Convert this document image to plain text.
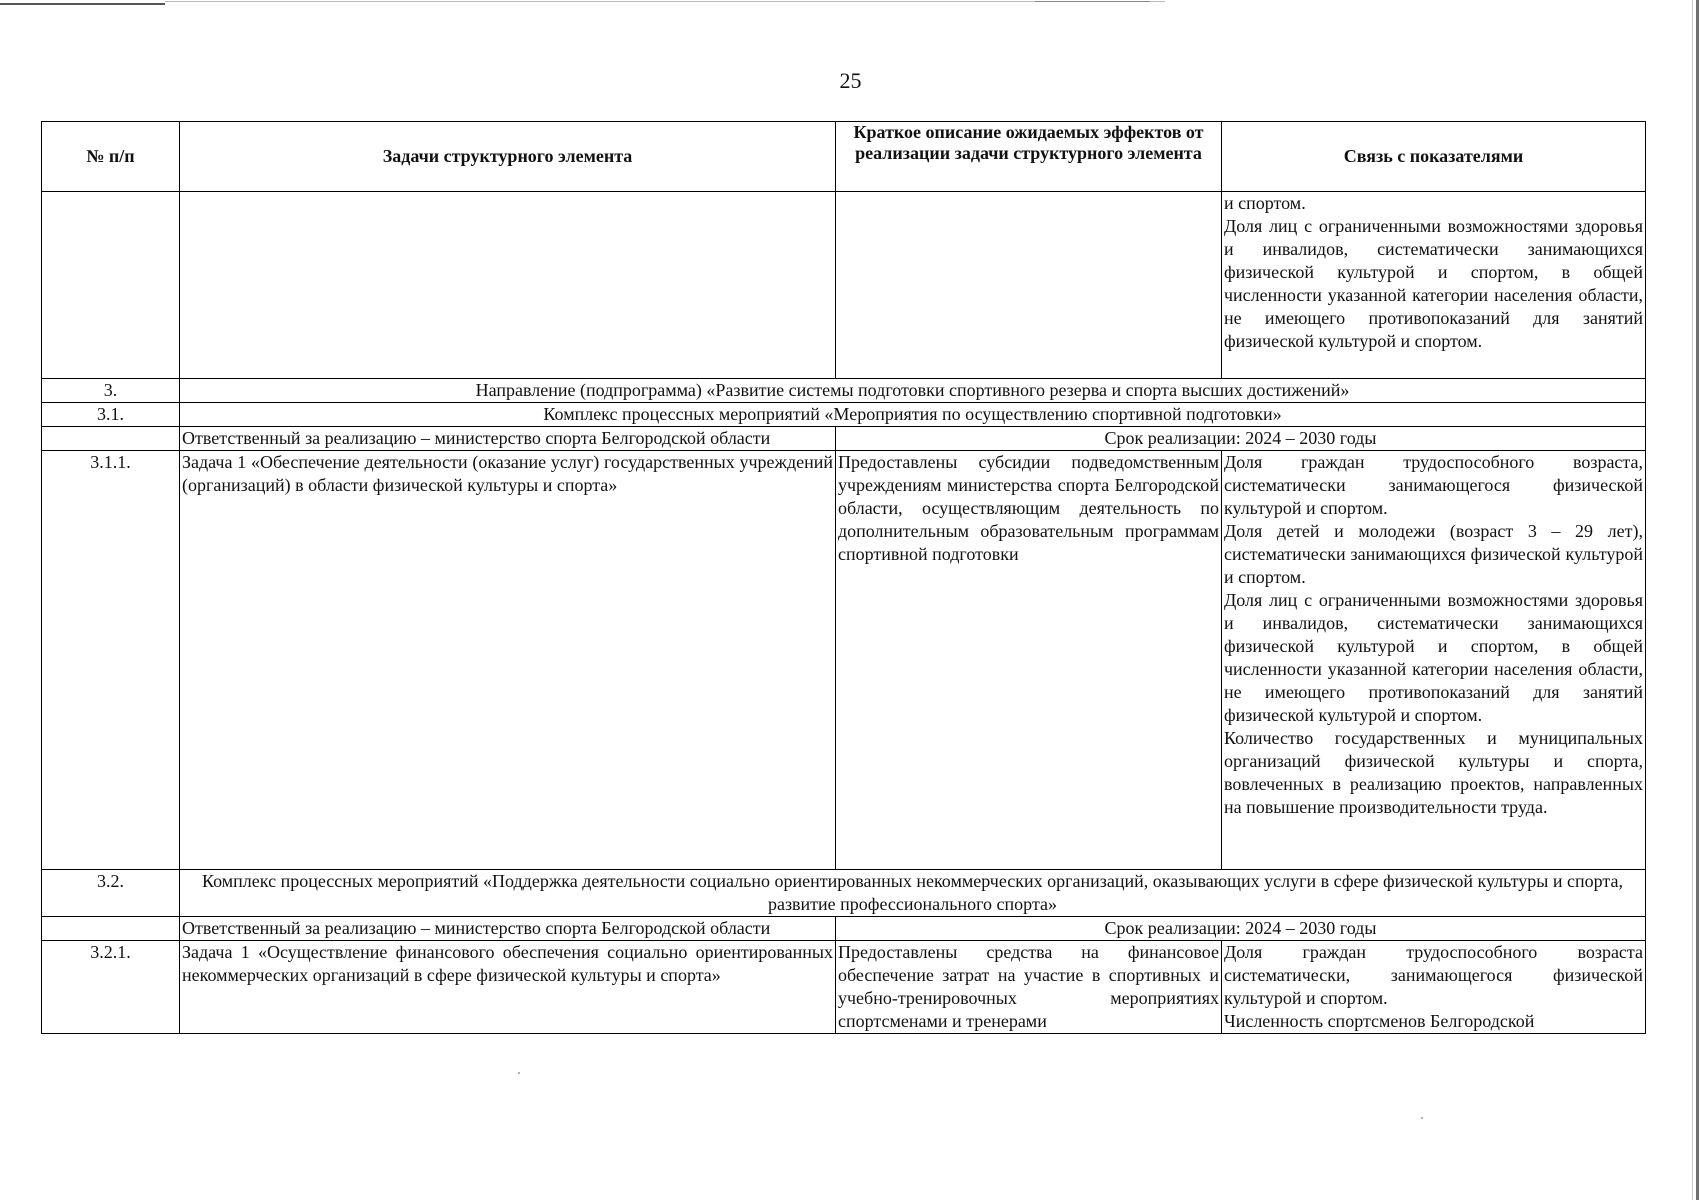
25
№ п/п	Задачи структурного элемента	Краткое описание ожидаемых эффектов от реализации задачи структурного элемента	Связь с показателями
			и спортом.
Доля лиц с ограниченными возможностями здоровья и инвалидов, систематически занимающихся физической культурой и спортом, в общей численности указанной категории населения области, не имеющего противопоказаний для занятий физической культурой и спортом.
3.	Направление (подпрограмма) «Развитие системы подготовки спортивного резерва и спорта высших достижений»		
3.1.	Комплекс процессных мероприятий «Мероприятия по осуществлению спортивной подготовки»		
	Ответственный за реализацию – министерство спорта Белгородской области	Срок реализации: 2024 – 2030 годы	
3.1.1.	Задача 1 «Обеспечение деятельности (оказание услуг) государственных учреждений (организаций) в области физической культуры и спорта»	Предоставлены субсидии подведомственным учреждениям министерства спорта Белгородской области, осуществляющим деятельность по дополнительным образовательным программам спортивной подготовки	Доля граждан трудоспособного возраста, систематически занимающегося физической культурой и спортом.
Доля детей и молодежи (возраст 3 – 29 лет), систематически занимающихся физической культурой и спортом.
Доля лиц с ограниченными возможностями здоровья и инвалидов, систематически занимающихся физической культурой и спортом, в общей численности указанной категории населения области, не имеющего противопоказаний для занятий физической культурой и спортом.
Количество государственных и муниципальных организаций физической культуры и спорта, вовлеченных в реализацию проектов, направленных на повышение производительности труда.
3.2.	Комплекс процессных мероприятий «Поддержка деятельности социально ориентированных некоммерческих организаций, оказывающих услуги в сфере физической культуры и спорта, развитие профессионального спорта»		
	Ответственный за реализацию – министерство спорта Белгородской области	Срок реализации: 2024 – 2030 годы	
3.2.1.	Задача 1 «Осуществление финансового обеспечения социально ориентированных некоммерческих организаций в сфере физической культуры и спорта»	Предоставлены средства на финансовое обеспечение затрат на участие в спортивных и учебно-тренировочных мероприятиях спортсменами и тренерами	Доля граждан трудоспособного возраста систематически, занимающегося физической культурой и спортом.
Численность спортсменов Белгородской
